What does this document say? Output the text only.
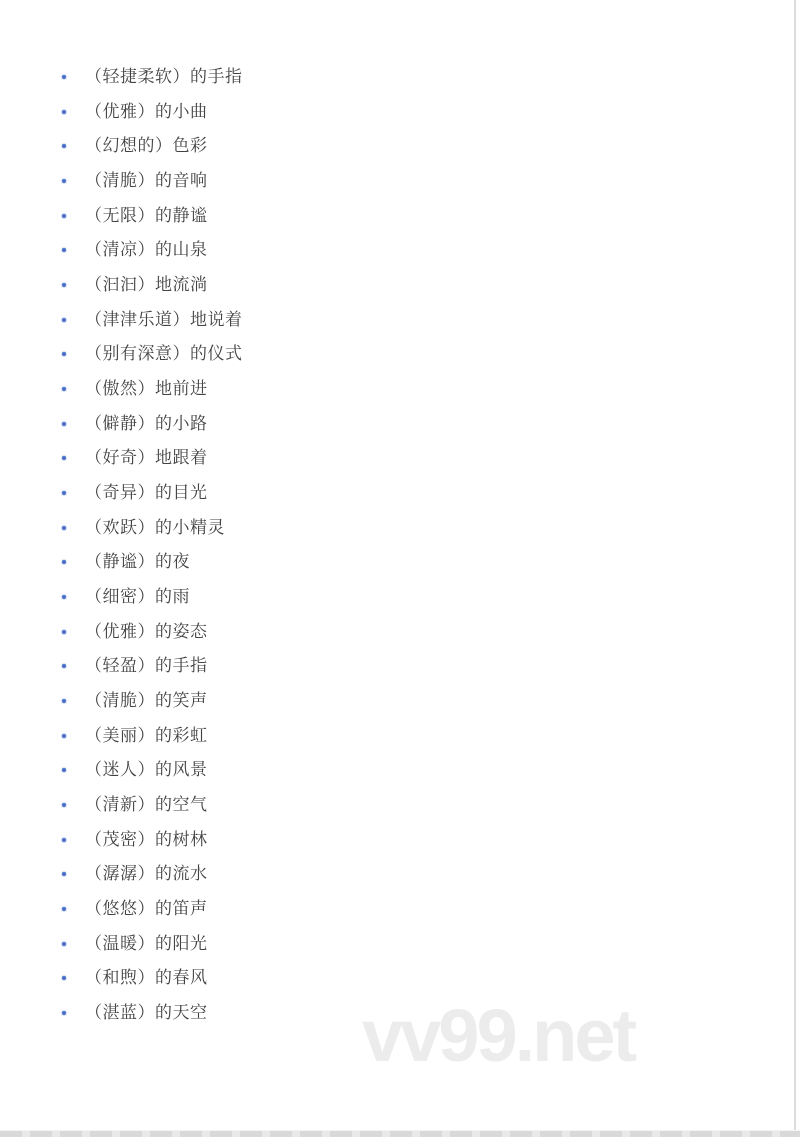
vv99.net
（轻捷柔软）的手指
（优雅）的小曲
（幻想的）色彩
（清脆）的音响
（无限）的静谧
（清凉）的山泉
（汩汩）地流淌
（津津乐道）地说着
（别有深意）的仪式
（傲然）地前进
（僻静）的小路
（好奇）地跟着
（奇异）的目光
（欢跃）的小精灵
（静谧）的夜
（细密）的雨
（优雅）的姿态
（轻盈）的手指
（清脆）的笑声
（美丽）的彩虹
（迷人）的风景
（清新）的空气
（茂密）的树林
（潺潺）的流水
（悠悠）的笛声
（温暖）的阳光
（和煦）的春风
（湛蓝）的天空
